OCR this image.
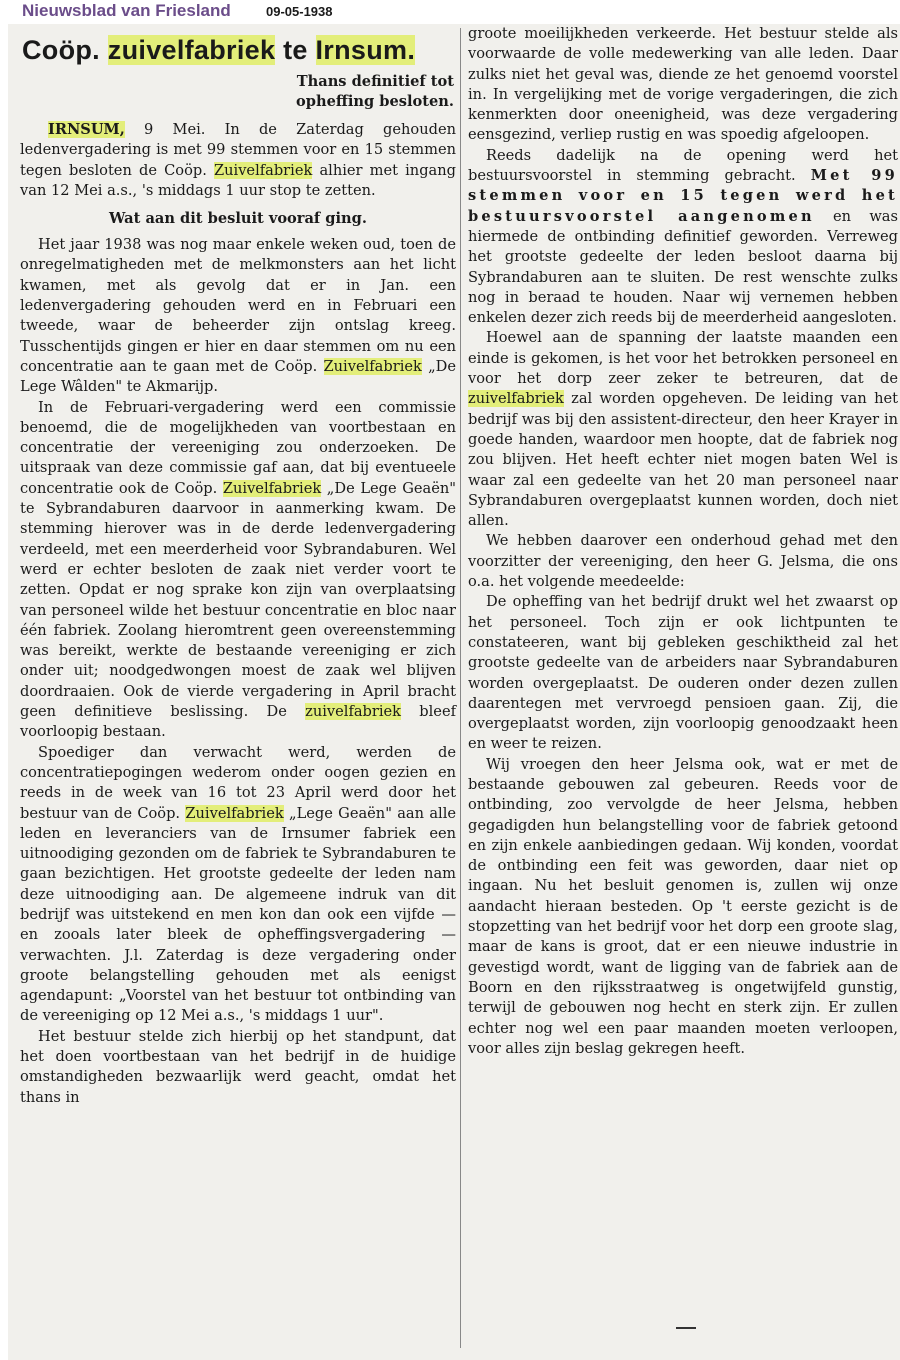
Nieuwsblad van Friesland	09-05-1938
Coöp. zuivelfabriek te Irnsum.
Thans definitief tot
opheffing besloten.

IRNSUM, 9 Mei. In de Zaterdag gehouden ledenvergadering is met 99 stemmen voor en 15 stemmen tegen besloten de Coöp. Zuivelfabriek alhier met ingang van 12 Mei a.s., 's middags 1 uur stop te zetten.

Wat aan dit besluit vooraf ging.

Het jaar 1938 was nog maar enkele weken oud, toen de onregelmatigheden met de melkmonsters aan het licht kwamen, met als gevolg dat er in Jan. een ledenvergadering gehouden werd en in Februari een tweede, waar de beheerder zijn ontslag kreeg. Tusschentijds gingen er hier en daar stemmen om nu een concentratie aan te gaan met de Coöp. Zuivelfabriek „De Lege Wâlden" te Akmarijp.

In de Februari-vergadering werd een commissie benoemd, die de mogelijkheden van voortbestaan en concentratie der vereeniging zou onderzoeken. De uitspraak van deze commissie gaf aan, dat bij eventueele concentratie ook de Coöp. Zuivelfabriek „De Lege Geaën" te Sybrandaburen daarvoor in aanmerking kwam. De stemming hierover was in de derde ledenvergadering verdeeld, met een meerderheid voor Sybrandaburen. Wel werd er echter besloten de zaak niet verder voort te zetten. Opdat er nog sprake kon zijn van overplaatsing van personeel wilde het bestuur concentratie en bloc naar één fabriek. Zoolang hieromtrent geen overeenstemming was bereikt, werkte de bestaande vereeniging er zich onder uit; noodgedwongen moest de zaak wel blijven doordraaien. Ook de vierde vergadering in April bracht geen definitieve beslissing. De zuivelfabriek bleef voorloopig bestaan.

Spoediger dan verwacht werd, werden de concentratiepogingen wederom onder oogen gezien en reeds in de week van 16 tot 23 April werd door het bestuur van de Coöp. Zuivelfabriek „Lege Geaën" aan alle leden en leveranciers van de Irnsumer fabriek een uitnoodiging gezonden om de fabriek te Sybrandaburen te gaan bezichtigen. Het grootste gedeelte der leden nam deze uitnoodiging aan. De algemeene indruk van dit bedrijf was uitstekend en men kon dan ook een vijfde — en zooals later bleek de opheffingsvergadering — verwachten. J.l. Zaterdag is deze vergadering onder groote belangstelling gehouden met als eenigst agendapunt: „Voorstel van het bestuur tot ontbinding van de vereeniging op 12 Mei a.s., 's middags 1 uur".

Het bestuur stelde zich hierbij op het standpunt, dat het doen voortbestaan van het bedrijf in de huidige omstandigheden bezwaarlijk werd geacht, omdat het thans in

groote moeilijkheden verkeerde. Het bestuur stelde als voorwaarde de volle medewerking van alle leden. Daar zulks niet het geval was, diende ze het genoemd voorstel in. In vergelijking met de vorige vergaderingen, die zich kenmerkten door oneenigheid, was deze vergadering eensgezind, verliep rustig en was spoedig afgeloopen.

Reeds dadelijk na de opening werd het bestuursvoorstel in stemming gebracht. Met 99 stemmen voor en 15 tegen werd het bestuursvoorstel aangenomen en was hiermede de ontbinding definitief geworden. Verreweg het grootste gedeelte der leden besloot daarna bij Sybrandaburen aan te sluiten. De rest wenschte zulks nog in beraad te houden. Naar wij vernemen hebben enkelen dezer zich reeds bij de meerderheid aangesloten.

Hoewel aan de spanning der laatste maanden een einde is gekomen, is het voor het betrokken personeel en voor het dorp zeer zeker te betreuren, dat de zuivelfabriek zal worden opgeheven. De leiding van het bedrijf was bij den assistent-directeur, den heer Krayer in goede handen, waardoor men hoopte, dat de fabriek nog zou blijven. Het heeft echter niet mogen baten Wel is waar zal een gedeelte van het 20 man personeel naar Sybrandaburen overgeplaatst kunnen worden, doch niet allen.

We hebben daarover een onderhoud gehad met den voorzitter der vereeniging, den heer G. Jelsma, die ons o.a. het volgende meedeelde:

De opheffing van het bedrijf drukt wel het zwaarst op het personeel. Toch zijn er ook lichtpunten te constateeren, want bij gebleken geschiktheid zal het grootste gedeelte van de arbeiders naar Sybrandaburen worden overgeplaatst. De ouderen onder dezen zullen daarentegen met vervroegd pensioen gaan. Zij, die overgeplaatst worden, zijn voorloopig genoodzaakt heen en weer te reizen.

Wij vroegen den heer Jelsma ook, wat er met de bestaande gebouwen zal gebeuren. Reeds voor de ontbinding, zoo vervolgde de heer Jelsma, hebben gegadigden hun belangstelling voor de fabriek getoond en zijn enkele aanbiedingen gedaan. Wij konden, voordat de ontbinding een feit was geworden, daar niet op ingaan. Nu het besluit genomen is, zullen wij onze aandacht hieraan besteden. Op 't eerste gezicht is de stopzetting van het bedrijf voor het dorp een groote slag, maar de kans is groot, dat er een nieuwe industrie in gevestigd wordt, want de ligging van de fabriek aan de Boorn en den rijksstraatweg is ongetwijfeld gunstig, terwijl de gebouwen nog hecht en sterk zijn. Er zullen echter nog wel een paar maanden moeten verloopen, voor alles zijn beslag gekregen heeft.
